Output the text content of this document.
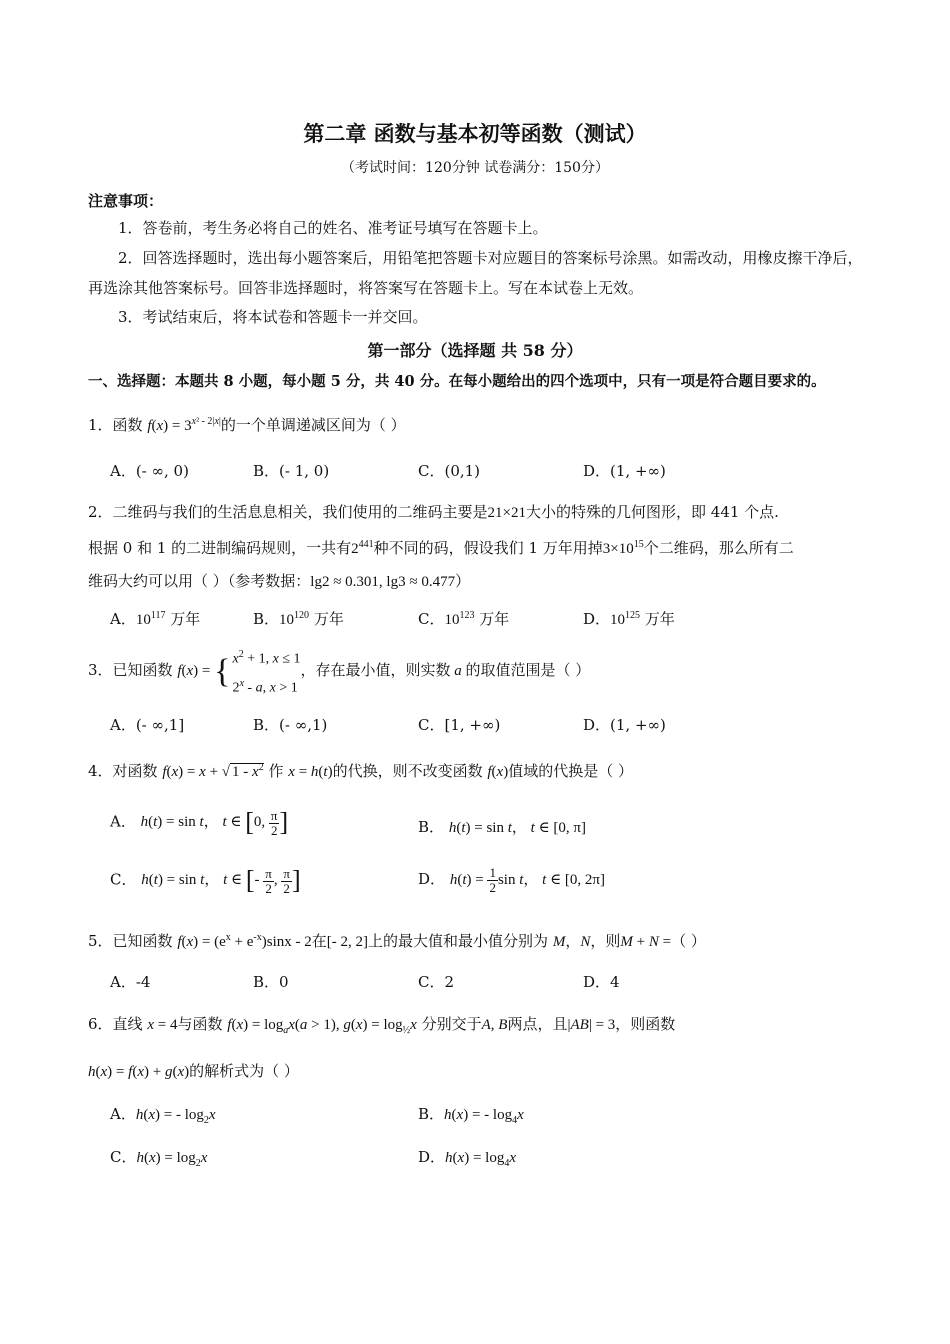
第二章 函数与基本初等函数（测试）
（考试时间：120分钟 试卷满分：150分）
注意事项：
1．答卷前，考生务必将自己的姓名、准考证号填写在答题卡上。
2．回答选择题时，选出每小题答案后，用铅笔把答题卡对应题目的答案标号涂黑。如需改动，用橡皮擦干净后，再选涂其他答案标号。回答非选择题时，将答案写在答题卡上。写在本试卷上无效。
3．考试结束后，将本试卷和答题卡一并交回。
第一部分（选择题 共 58 分）
一、选择题：本题共 8 小题，每小题 5 分，共 40 分。在每小题给出的四个选项中，只有一项是符合题目要求的。
1．函数 $f(x) = 3^{x^2 - 2|x|}$的一个单调递减区间为（ ）
A．(- ∞, 0)	B．(- 1, 0)	C．(0,1)	D．(1, +∞)
2．二维码与我们的生活息息相关，我们使用的二维码主要是21×21大小的特殊的几何图形，即 441 个点.
根据 0 和 1 的二进制编码规则，一共有$2^{441}$种不同的码，假设我们 1 万年用掉$3\times 10^{15}$个二维码，那么所有二
维码大约可以用（ ）（参考数据：lg2 ≈ 0.301, lg3 ≈ 0.477）
A．$10^{117}$ 万年	B．$10^{120}$ 万年	C．$10^{123}$ 万年	D．$10^{125}$ 万年
3．已知函数 f(x) = { $x^2 + 1$, x ≤ 1
2$^x$ - a, x > 1
，存在最小值，则实数 a 的取值范围是（ ）
A．(- ∞,1]	B．(- ∞,1)	C．[1, +∞)	D．(1, +∞)
4．对函数 f(x) = x + √ $1 - x^2$ 作 x = h(t)的代换，则不改变函数 f(x)值域的代换是（ ）
A． h(t) = sin t， t ∈ [0, $\frac{\pi}{2}$ ]	B． h(t) = sin t， t ∈ [0, π]
C． h(t) = sin t， t ∈ [- $\frac{\pi}{2}$ , $\frac{\pi}{2}$ ]	D． $h(t) = \frac{1}{2}$ sin t， t ∈ [0, 2π]
5．已知函数 $f(x) = (e^x + e^{-x})\sin x - 2$在[- 2, 2]上的最大值和最小值分别为 M，N，则M + N =（ ）
A．-4	B．0	C．2	D．4
6．直线 x = 4与函数 $f(x) = \log_ax(a > 1)$, $g(x) = \log_{\frac{1}{2}}x$ 分别交于A, B两点，且|AB| = 3，则函数
h(x) = f(x) + g(x)的解析式为（ ）
A．h(x) = - $\log_2x$	B．h(x) = - $\log_4x$
C．$h(x) = \log_2x$	D．$h(x) = \log_4x$
